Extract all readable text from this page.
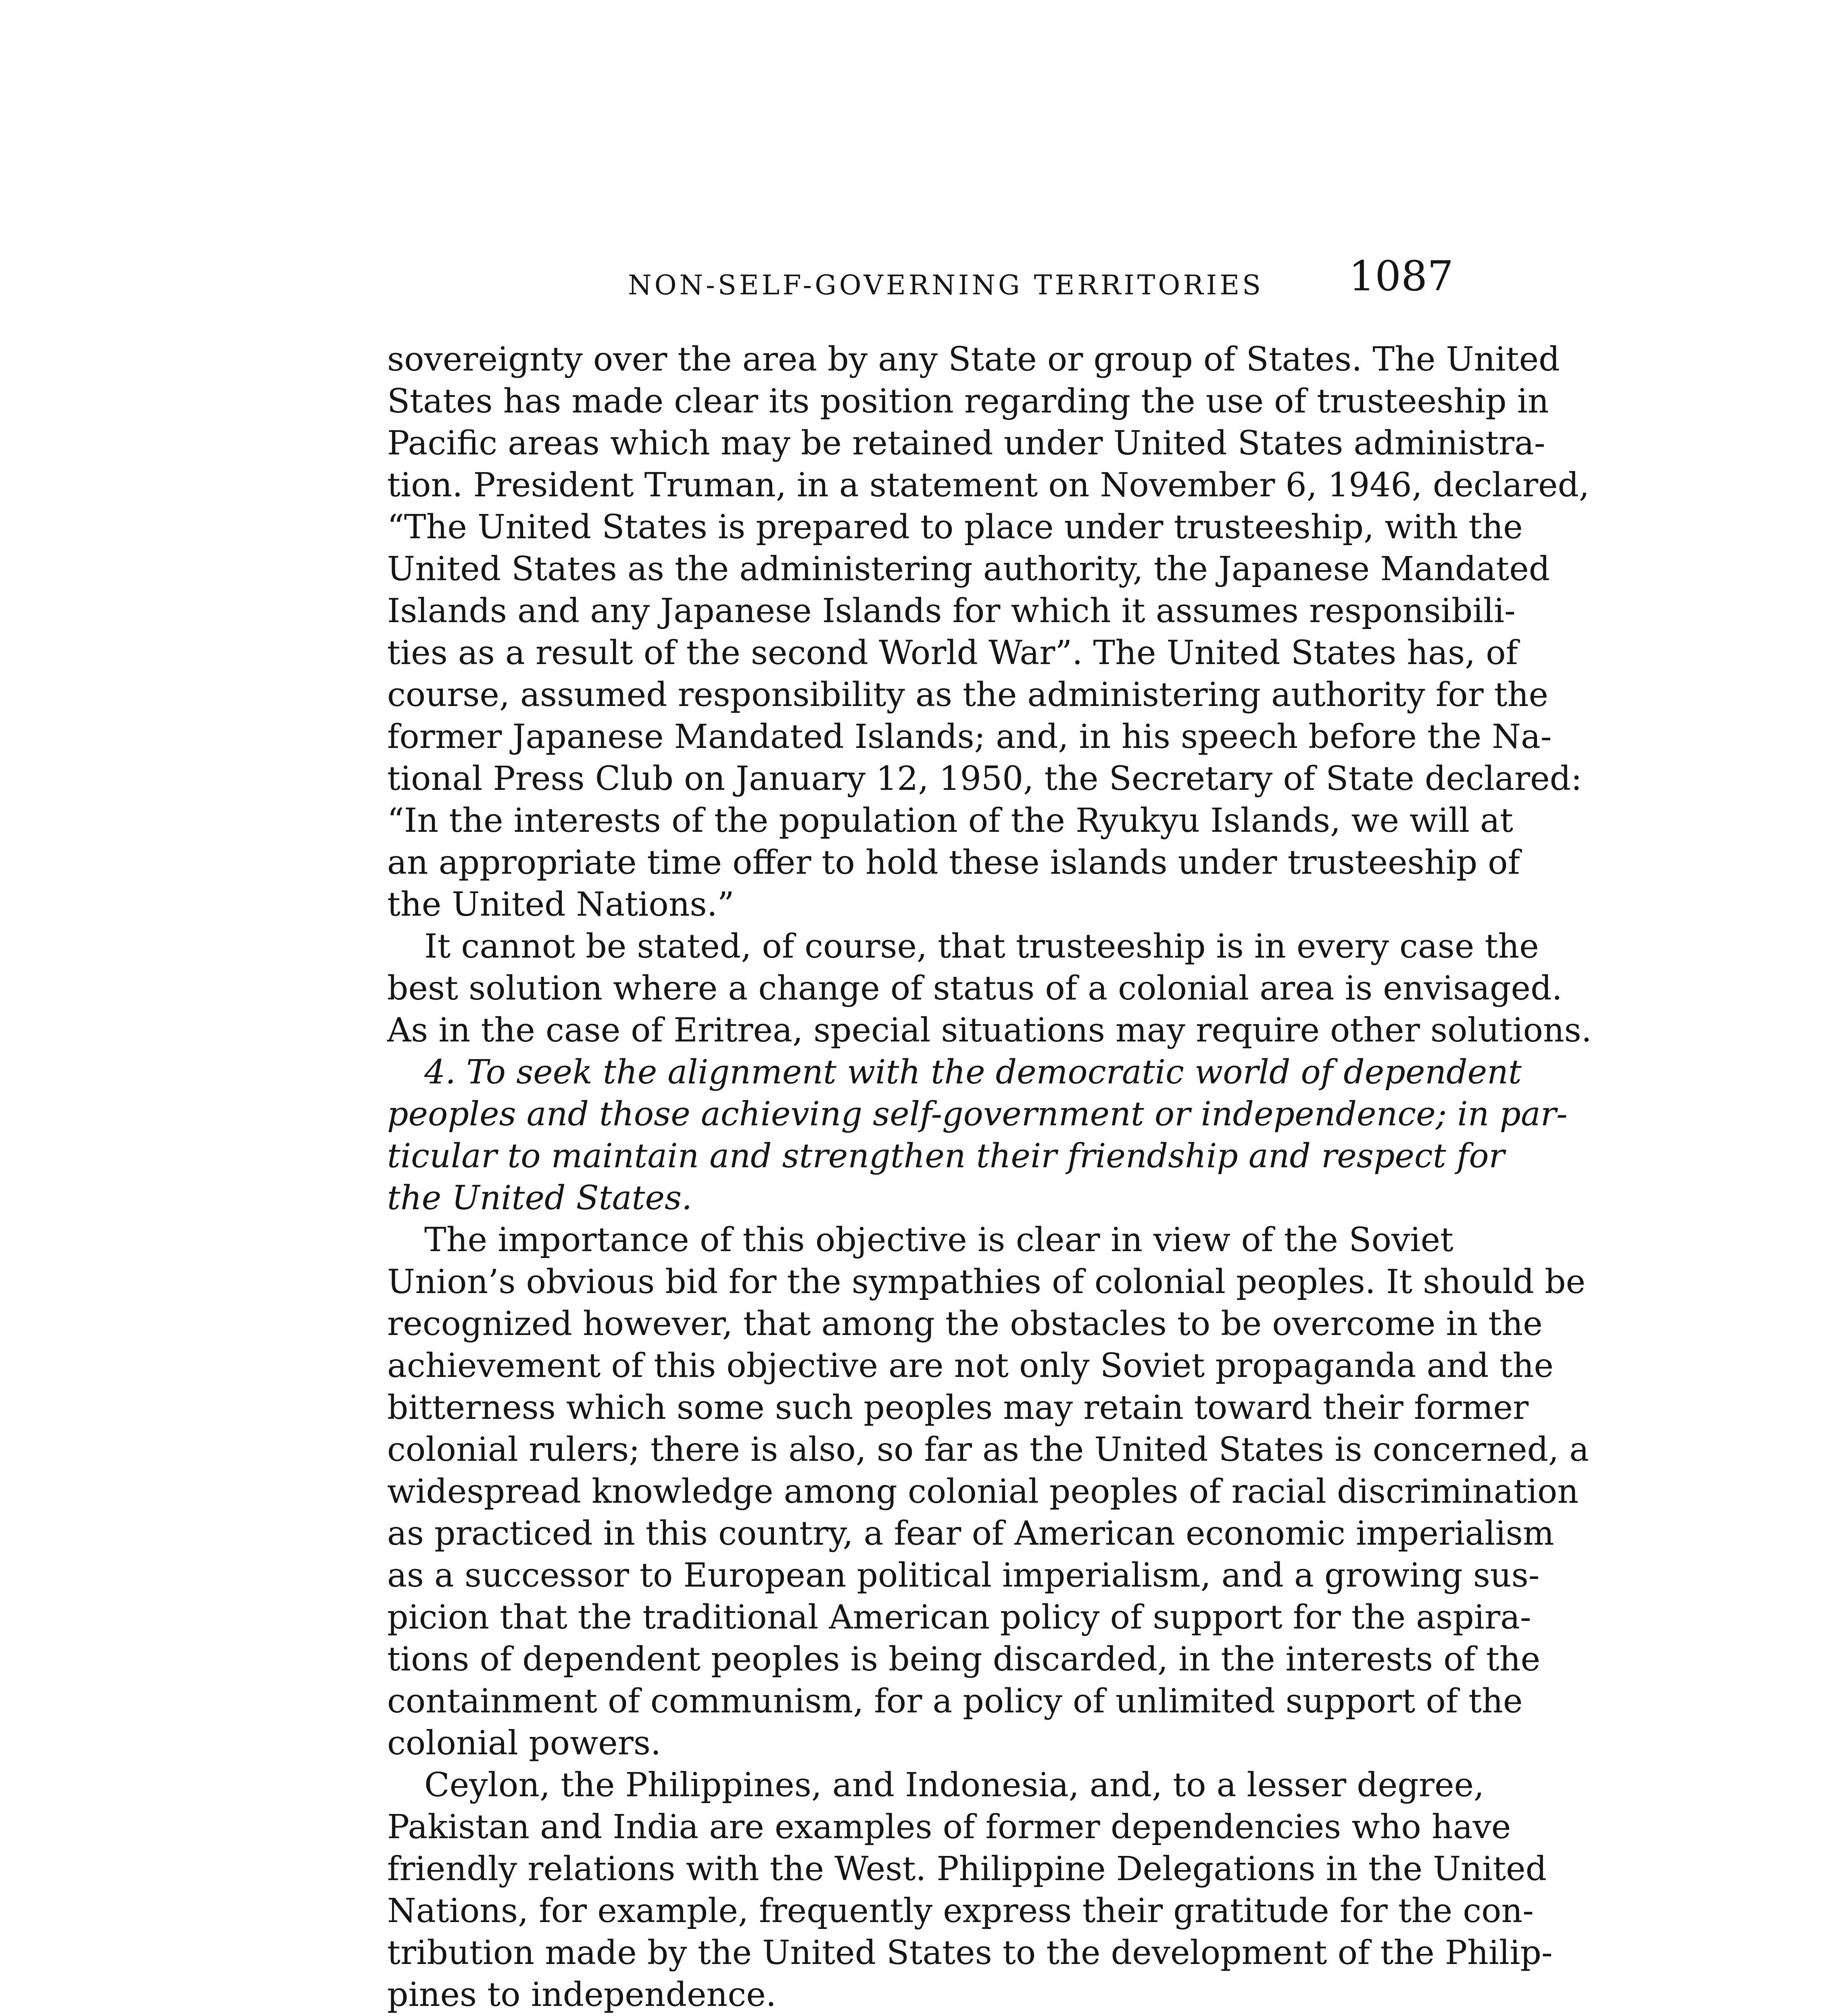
NON-SELF-GOVERNING TERRITORIES 1087
sovereignty over the area by any State or group of States. The United
States has made clear its position regarding the use of trusteeship in
Pacific areas which may be retained under United States administra-
tion. President Truman, in a statement on November 6, 1946, declared,
“The United States is prepared to place under trusteeship, with the
United States as the administering authority, the Japanese Mandated
Islands and any Japanese Islands for which it assumes responsibili-
ties as a result of the second World War”. The United States has, of
course, assumed responsibility as the administering authority for the
former Japanese Mandated Islands; and, in his speech before the Na-
tional Press Club on January 12, 1950, the Secretary of State declared:
“In the interests of the population of the Ryukyu Islands, we will at
an appropriate time offer to hold these islands under trusteeship of
the United Nations.”
It cannot be stated, of course, that trusteeship is in every case the
best solution where a change of status of a colonial area is envisaged.
As in the case of Eritrea, special situations may require other solutions.
4. To seek the alignment with the democratic world of dependent
peoples and those achieving self-government or independence; in par-
ticular to maintain and strengthen their friendship and respect for
the United States.
The importance of this objective is clear in view of the Soviet
Union’s obvious bid for the sympathies of colonial peoples. It should be
recognized however, that among the obstacles to be overcome in the
achievement of this objective are not only Soviet propaganda and the
bitterness which some such peoples may retain toward their former
colonial rulers; there is also, so far as the United States is concerned, a
widespread knowledge among colonial peoples of racial discrimination
as practiced in this country, a fear of American economic imperialism
as a successor to European political imperialism, and a growing sus-
picion that the traditional American policy of support for the aspira-
tions of dependent peoples is being discarded, in the interests of the
containment of communism, for a policy of unlimited support of the
colonial powers.
Ceylon, the Philippines, and Indonesia, and, to a lesser degree,
Pakistan and India are examples of former dependencies who have
friendly relations with the West. Philippine Delegations in the United
Nations, for example, frequently express their gratitude for the con-
tribution made by the United States to the development of the Philip-
pines to independence.
